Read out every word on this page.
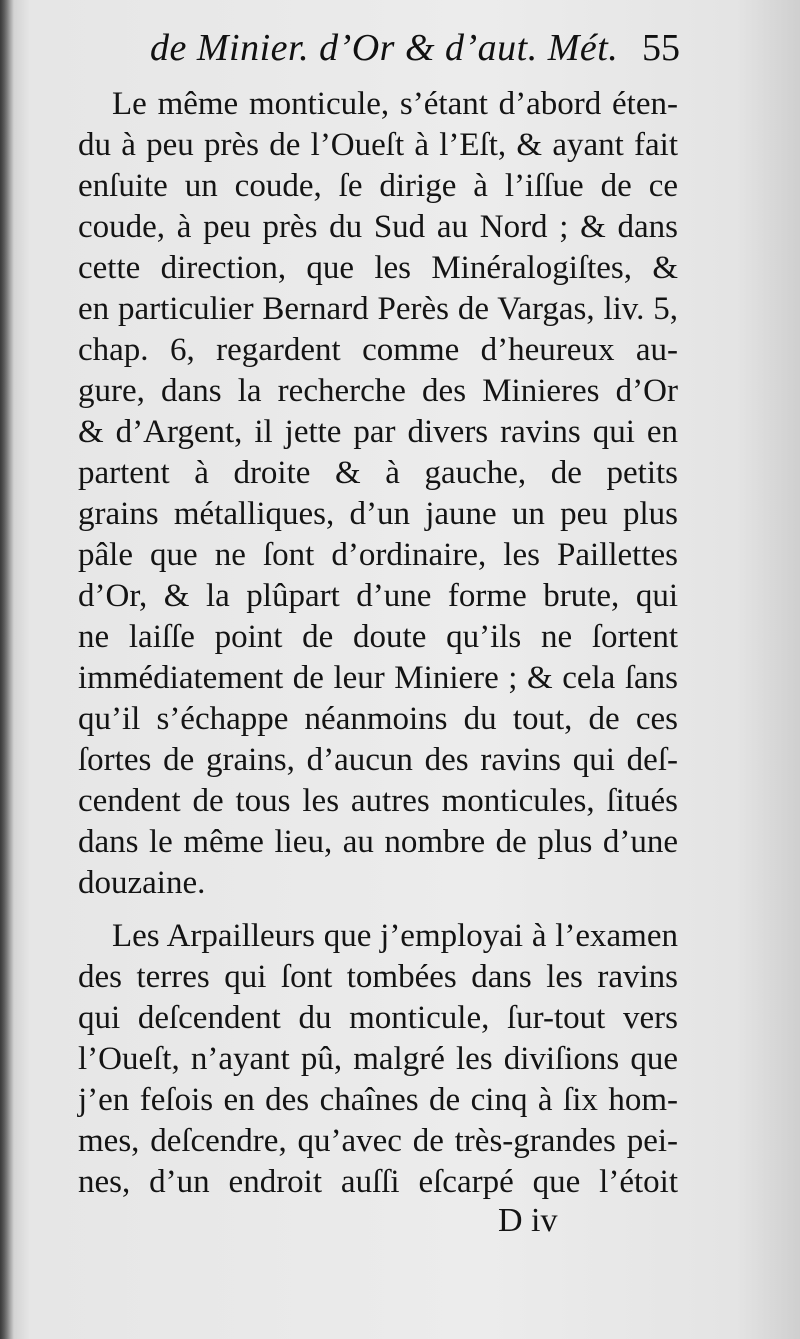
de Minier. d’Or & d’aut. Mét. 55
Le même monticule, s’étant d’abord éten-
du à peu près de l’Oueſt à l’Eſt, & ayant fait
enſuite un coude, ſe dirige à l’iſſue de ce
coude, à peu près du Sud au Nord ; & dans
cette direction, que les Minéralogiſtes, &
en particulier Bernard Perès de Vargas, liv. 5,
chap. 6, regardent comme d’heureux au-
gure, dans la recherche des Minieres d’Or
& d’Argent, il jette par divers ravins qui en
partent à droite & à gauche, de petits
grains métalliques, d’un jaune un peu plus
pâle que ne ſont d’ordinaire, les Paillettes
d’Or, & la plûpart d’une forme brute, qui
ne laiſſe point de doute qu’ils ne ſortent
immédiatement de leur Miniere ; & cela ſans
qu’il s’échappe néanmoins du tout, de ces
ſortes de grains, d’aucun des ravins qui deſ-
cendent de tous les autres monticules, ſitués
dans le même lieu, au nombre de plus d’une
douzaine.
Les Arpailleurs que j’employai à l’examen
des terres qui ſont tombées dans les ravins
qui deſcendent du monticule, ſur-tout vers
l’Oueſt, n’ayant pû, malgré les diviſions que
j’en feſois en des chaînes de cinq à ſix hom-
mes, deſcendre, qu’avec de très-grandes pei-
nes, d’un endroit auſſi eſcarpé que l’étoit
D iv
